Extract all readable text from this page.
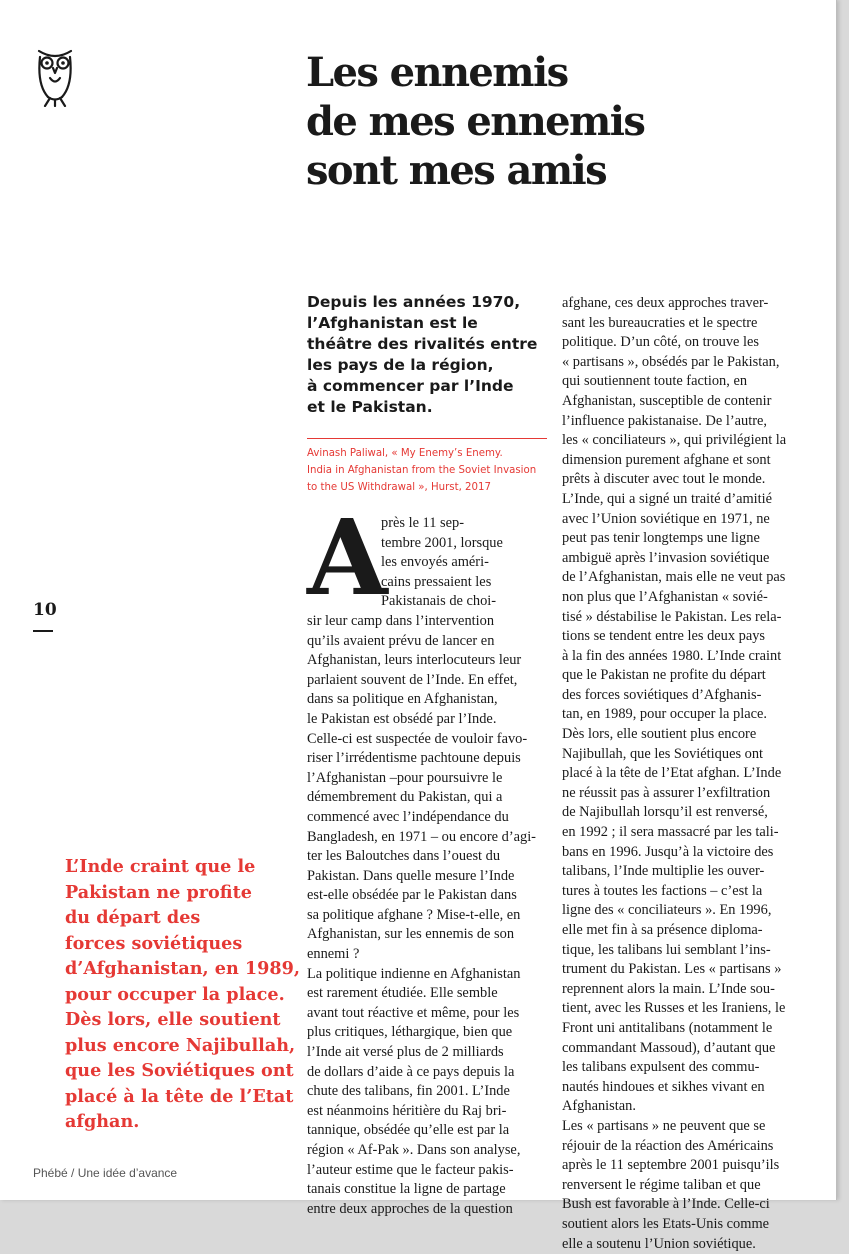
Les ennemis
de mes ennemis
sont mes amis
Depuis les années 1970,
l’Afghanistan est le
théâtre des rivalités entre
les pays de la région,
à commencer par l’Inde
et le Pakistan.
Avinash Paliwal, « My Enemy’s Enemy.
India in Afghanistan from the Soviet Invasion
to the US Withdrawal », Hurst, 2017
A
près le 11 sep-
tembre 2001, lorsque
les envoyés améri-
cains pressaient les
Pakistanais de choi-
sir leur camp dans l’intervention
qu’ils avaient prévu de lancer en
Afghanistan, leurs interlocuteurs leur
parlaient souvent de l’Inde. En effet,
dans sa politique en Afghanistan,
le Pakistan est obsédé par l’Inde.
Celle-ci est suspectée de vouloir favo-
riser l’irrédentisme pachtoune depuis
l’Afghanistan –pour poursuivre le
démembrement du Pakistan, qui a
commencé avec l’indépendance du
Bangladesh, en 1971 – ou encore d’agi-
ter les Baloutches dans l’ouest du
Pakistan. Dans quelle mesure l’Inde
est-elle obsédée par le Pakistan dans
sa politique afghane ? Mise-t-elle, en
Afghanistan, sur les ennemis de son
ennemi ?
La politique indienne en Afghanistan
est rarement étudiée. Elle semble
avant tout réactive et même, pour les
plus critiques, léthargique, bien que
l’Inde ait versé plus de 2 milliards
de dollars d’aide à ce pays depuis la
chute des talibans, fin 2001. L’Inde
est néanmoins héritière du Raj bri-
tannique, obsédée qu’elle est par la
région « Af-Pak ». Dans son analyse,
l’auteur estime que le facteur pakis-
tanais constitue la ligne de partage
entre deux approches de la question
afghane, ces deux approches traver-
sant les bureaucraties et le spectre
politique. D’un côté, on trouve les
« partisans », obsédés par le Pakistan,
qui soutiennent toute faction, en
Afghanistan, susceptible de contenir
l’influence pakistanaise. De l’autre,
les « conciliateurs », qui privilégient la
dimension purement afghane et sont
prêts à discuter avec tout le monde.
L’Inde, qui a signé un traité d’amitié
avec l’Union soviétique en 1971, ne
peut pas tenir longtemps une ligne
ambiguë après l’invasion soviétique
de l’Afghanistan, mais elle ne veut pas
non plus que l’Afghanistan « sovié-
tisé » déstabilise le Pakistan. Les rela-
tions se tendent entre les deux pays
à la fin des années 1980. L’Inde craint
que le Pakistan ne profite du départ
des forces soviétiques d’Afghanis-
tan, en 1989, pour occuper la place.
Dès lors, elle soutient plus encore
Najibullah, que les Soviétiques ont
placé à la tête de l’Etat afghan. L’Inde
ne réussit pas à assurer l’exfiltration
de Najibullah lorsqu’il est renversé,
en 1992 ; il sera massacré par les tali-
bans en 1996. Jusqu’à la victoire des
talibans, l’Inde multiplie les ouver-
tures à toutes les factions – c’est la
ligne des « conciliateurs ». En 1996,
elle met fin à sa présence diploma-
tique, les talibans lui semblant l’ins-
trument du Pakistan. Les « partisans »
reprennent alors la main. L’Inde sou-
tient, avec les Russes et les Iraniens, le
Front uni antitalibans (notamment le
commandant Massoud), d’autant que
les talibans expulsent des commu-
nautés hindoues et sikhes vivant en
Afghanistan.
Les « partisans » ne peuvent que se
réjouir de la réaction des Américains
après le 11 septembre 2001 puisqu’ils
renversent le régime taliban et que
Bush est favorable à l’Inde. Celle-ci
soutient alors les Etats-Unis comme
elle a soutenu l’Union soviétique.
10
L’Inde craint que le
Pakistan ne profite
du départ des
forces soviétiques
d’Afghanistan, en 1989,
pour occuper la place.
Dès lors, elle soutient
plus encore Najibullah,
que les Soviétiques ont
placé à la tête de l’Etat
afghan.
Phébé / Une idée d’avance
